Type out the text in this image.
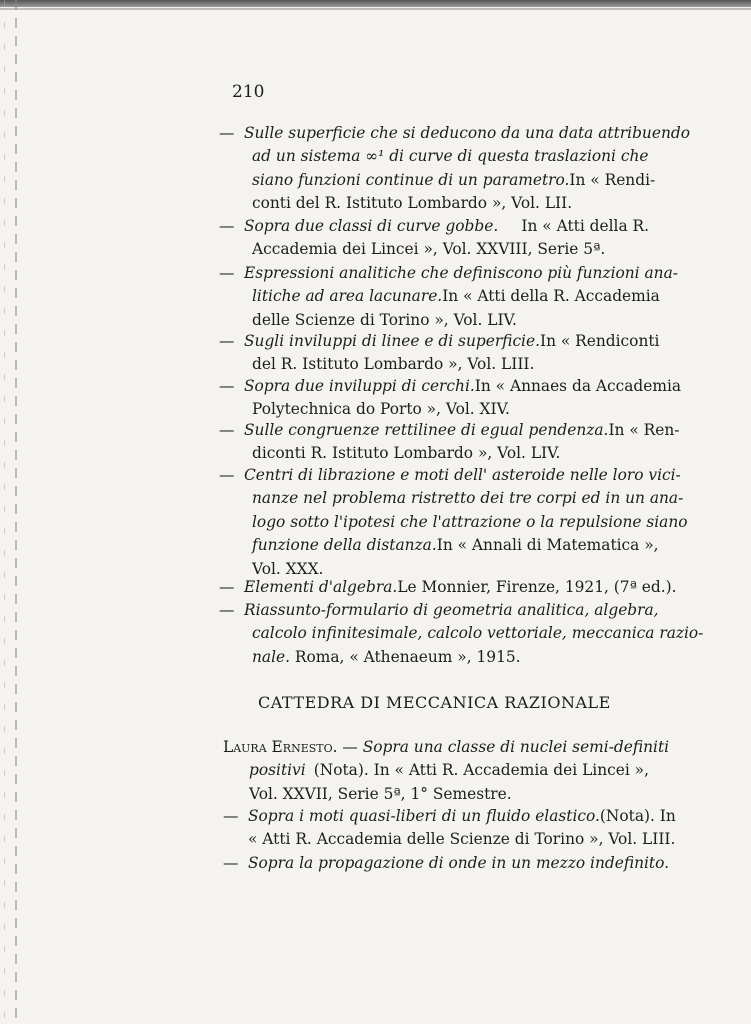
210
— Sulle superficie che si deducono da una data attribuendo
ad un sistema ∞¹ di curve di questa traslazioni che
siano funzioni continue di un parametro. In « Rendi-
conti del R. Istituto Lombardo », Vol. LII.
— Sopra due classi di curve gobbe. In « Atti della R.
Accademia dei Lincei », Vol. XXVIII, Serie 5ª.
— Espressioni analitiche che definiscono più funzioni ana-
litiche ad area lacunare. In « Atti della R. Accademia
delle Scienze di Torino », Vol. LIV.
— Sugli inviluppi di linee e di superficie. In « Rendiconti
del R. Istituto Lombardo », Vol. LIII.
— Sopra due inviluppi di cerchi. In « Annaes da Accademia
Polytechnica do Porto », Vol. XIV.
— Sulle congruenze rettilinee di egual pendenza. In « Ren-
diconti R. Istituto Lombardo », Vol. LIV.
— Centri di librazione e moti dell' asteroide nelle loro vici-
nanze nel problema ristretto dei tre corpi ed in un ana-
logo sotto l'ipotesi che l'attrazione o la repulsione siano
funzione della distanza. In « Annali di Matematica »,
Vol. XXX.
— Elementi d'algebra. Le Monnier, Firenze, 1921, (7ª ed.).
— Riassunto-formulario di geometria analitica, algebra,
calcolo infinitesimale, calcolo vettoriale, meccanica razio-
nale.
Roma, « Athenaeum », 1915.
CATTEDRA DI MECCANICA RAZIONALE
Laura Ernesto.
—
Sopra una classe di nuclei semi-definiti
positivi (Nota). In « Atti R. Accademia dei Lincei »,
Vol. XXVII, Serie 5ª, 1° Semestre.
— Sopra i moti quasi-liberi di un fluido elastico. (Nota). In
« Atti R. Accademia delle Scienze di Torino », Vol. LIII.
— Sopra la propagazione di onde in un mezzo indefinito.
